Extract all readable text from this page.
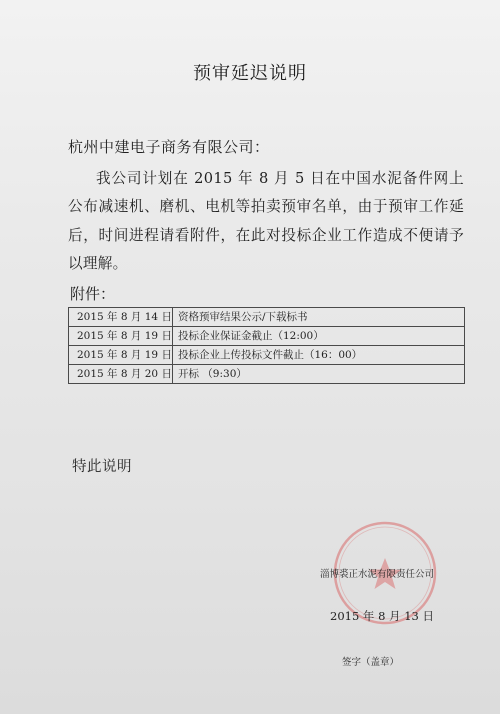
预审延迟说明
杭州中建电子商务有限公司：
我公司计划在 2015 年 8 月 5 日在中国水泥备件网上公布减速机、磨机、电机等拍卖预审名单，由于预审工作延后，时间进程请看附件，在此对投标企业工作造成不便请予以理解。
附件：
2015 年 8 月 14 日	资格预审结果公示/下载标书
2015 年 8 月 19 日	投标企业保证金截止（12:00）
2015 年 8 月 19 日	投标企业上传投标文件截止（16：00）
2015 年 8 月 20 日	开标 （9:30）
特此说明
淄博裘正水泥有限责任公司
2015 年 8 月 13 日
签字（盖章）
